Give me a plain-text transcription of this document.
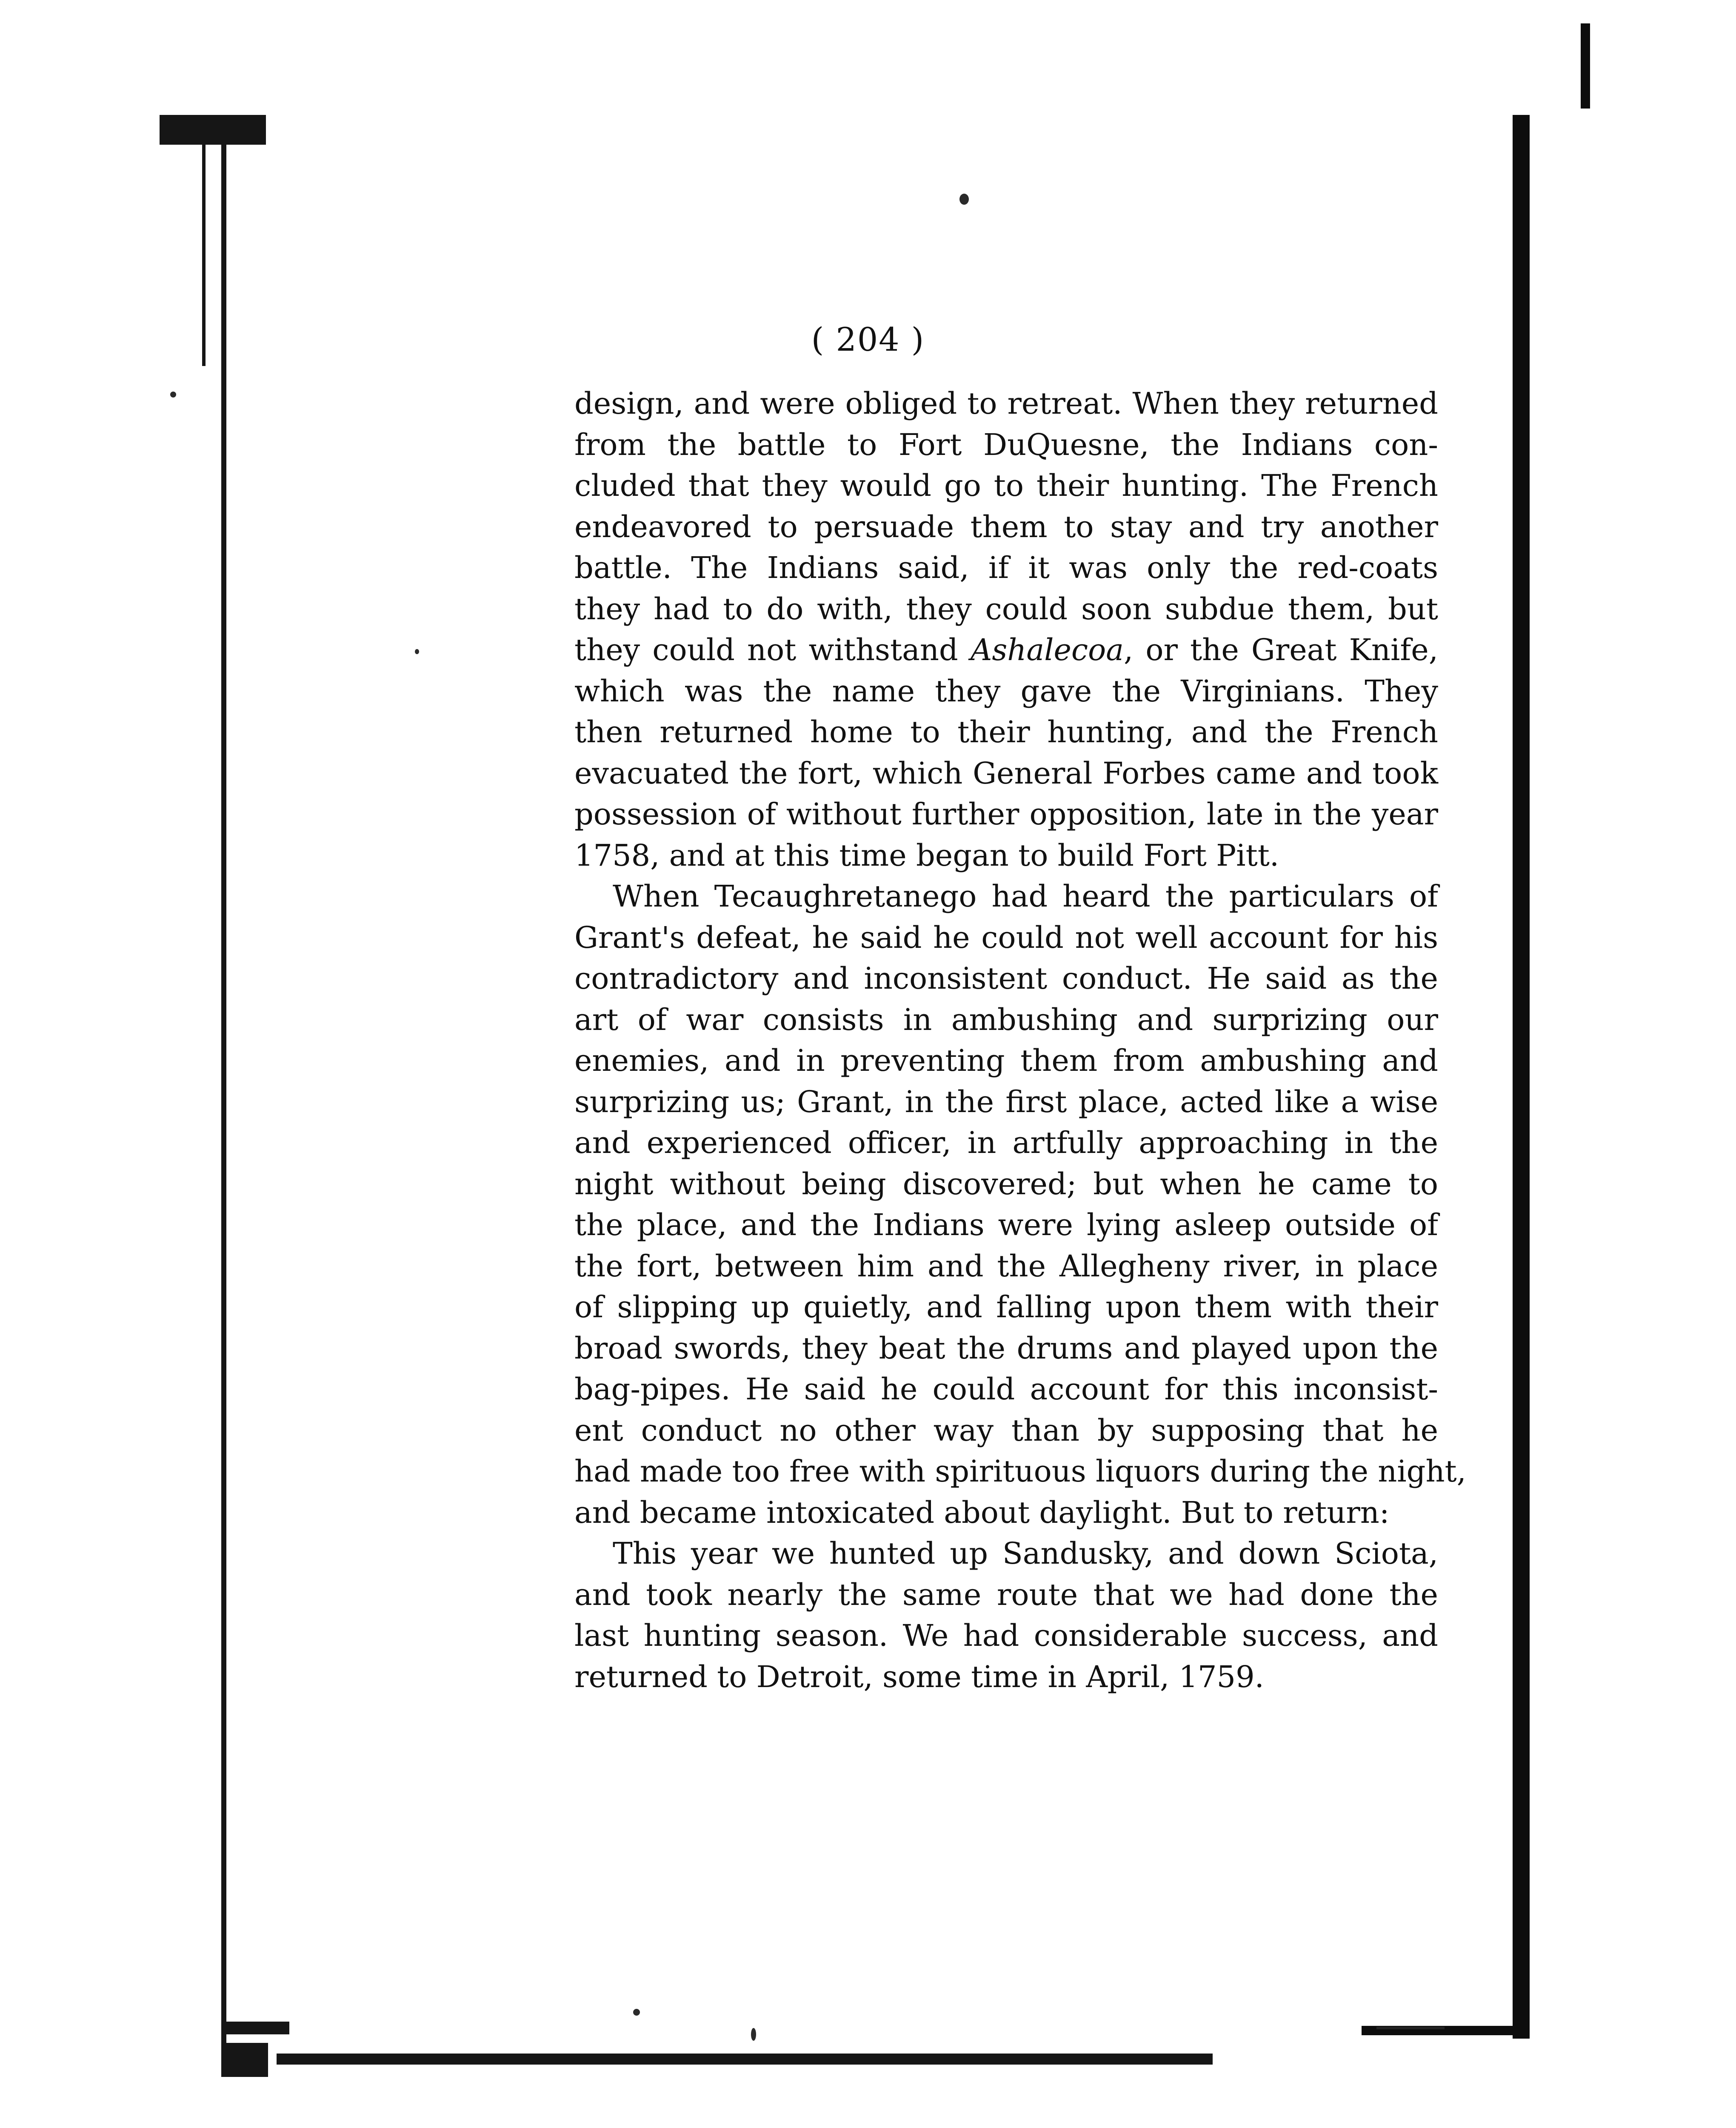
( 204 )

design, and were obliged to retreat. When they returned

from the battle to Fort DuQuesne, the Indians con-

cluded that they would go to their hunting. The French

endeavored to persuade them to stay and try another

battle. The Indians said, if it was only the red-coats

they had to do with, they could soon subdue them, but

they could not withstand Ashalecoa, or the Great Knife,

which was the name they gave the Virginians. They

then returned home to their hunting, and the French

evacuated the fort, which General Forbes came and took

possession of without further opposition, late in the year

1758, and at this time began to build Fort Pitt.

When Tecaughretanego had heard the particulars of

Grant's defeat, he said he could not well account for his

contradictory and inconsistent conduct. He said as the

art of war consists in ambushing and surprizing our

enemies, and in preventing them from ambushing and

surprizing us; Grant, in the first place, acted like a wise

and experienced officer, in artfully approaching in the

night without being discovered; but when he came to

the place, and the Indians were lying asleep outside of

the fort, between him and the Allegheny river, in place

of slipping up quietly, and falling upon them with their

broad swords, they beat the drums and played upon the

bag-pipes. He said he could account for this inconsist-

ent conduct no other way than by supposing that he

had made too free with spirituous liquors during the night,

and became intoxicated about daylight. But to return:

This year we hunted up Sandusky, and down Sciota,

and took nearly the same route that we had done the

last hunting season. We had considerable success, and

returned to Detroit, some time in April, 1759.
